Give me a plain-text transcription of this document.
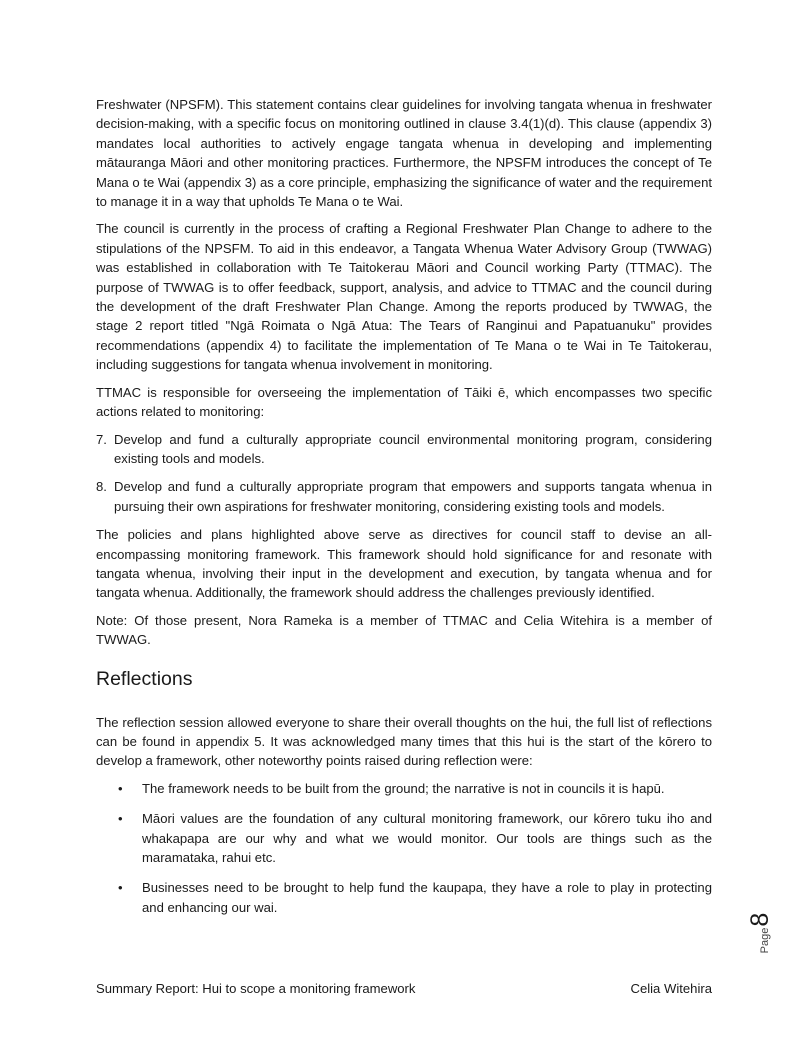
Freshwater (NPSFM). This statement contains clear guidelines for involving tangata whenua in freshwater decision-making, with a specific focus on monitoring outlined in clause 3.4(1)(d). This clause (appendix 3) mandates local authorities to actively engage tangata whenua in developing and implementing mātauranga Māori and other monitoring practices. Furthermore, the NPSFM introduces the concept of Te Mana o te Wai (appendix 3) as a core principle, emphasizing the significance of water and the requirement to manage it in a way that upholds Te Mana o te Wai.

The council is currently in the process of crafting a Regional Freshwater Plan Change to adhere to the stipulations of the NPSFM. To aid in this endeavor, a Tangata Whenua Water Advisory Group (TWWAG) was established in collaboration with Te Taitokerau Māori and Council working Party (TTMAC). The purpose of TWWAG is to offer feedback, support, analysis, and advice to TTMAC and the council during the development of the draft Freshwater Plan Change. Among the reports produced by TWWAG, the stage 2 report titled "Ngā Roimata o Ngā Atua: The Tears of Ranginui and Papatuanuku" provides recommendations (appendix 4) to facilitate the implementation of Te Mana o te Wai in Te Taitokerau, including suggestions for tangata whenua involvement in monitoring.

TTMAC is responsible for overseeing the implementation of Tāiki ē, which encompasses two specific actions related to monitoring:

7. Develop and fund a culturally appropriate council environmental monitoring program, considering existing tools and models.
8. Develop and fund a culturally appropriate program that empowers and supports tangata whenua in pursuing their own aspirations for freshwater monitoring, considering existing tools and models.

The policies and plans highlighted above serve as directives for council staff to devise an all-encompassing monitoring framework. This framework should hold significance for and resonate with tangata whenua, involving their input in the development and execution, by tangata whenua and for tangata whenua. Additionally, the framework should address the challenges previously identified.

Note: Of those present, Nora Rameka is a member of TTMAC and Celia Witehira is a member of TWWAG.

Reflections

The reflection session allowed everyone to share their overall thoughts on the hui, the full list of reflections can be found in appendix 5. It was acknowledged many times that this hui is the start of the kōrero to develop a framework, other noteworthy points raised during reflection were:

• The framework needs to be built from the ground; the narrative is not in councils it is hapū.
• Māori values are the foundation of any cultural monitoring framework, our kōrero tuku iho and whakapapa are our why and what we would monitor. Our tools are things such as the maramataka, rahui etc.
• Businesses need to be brought to help fund the kaupapa, they have a role to play in protecting and enhancing our wai.
Page
8
Summary Report: Hui to scope a monitoring framework	Celia Witehira
